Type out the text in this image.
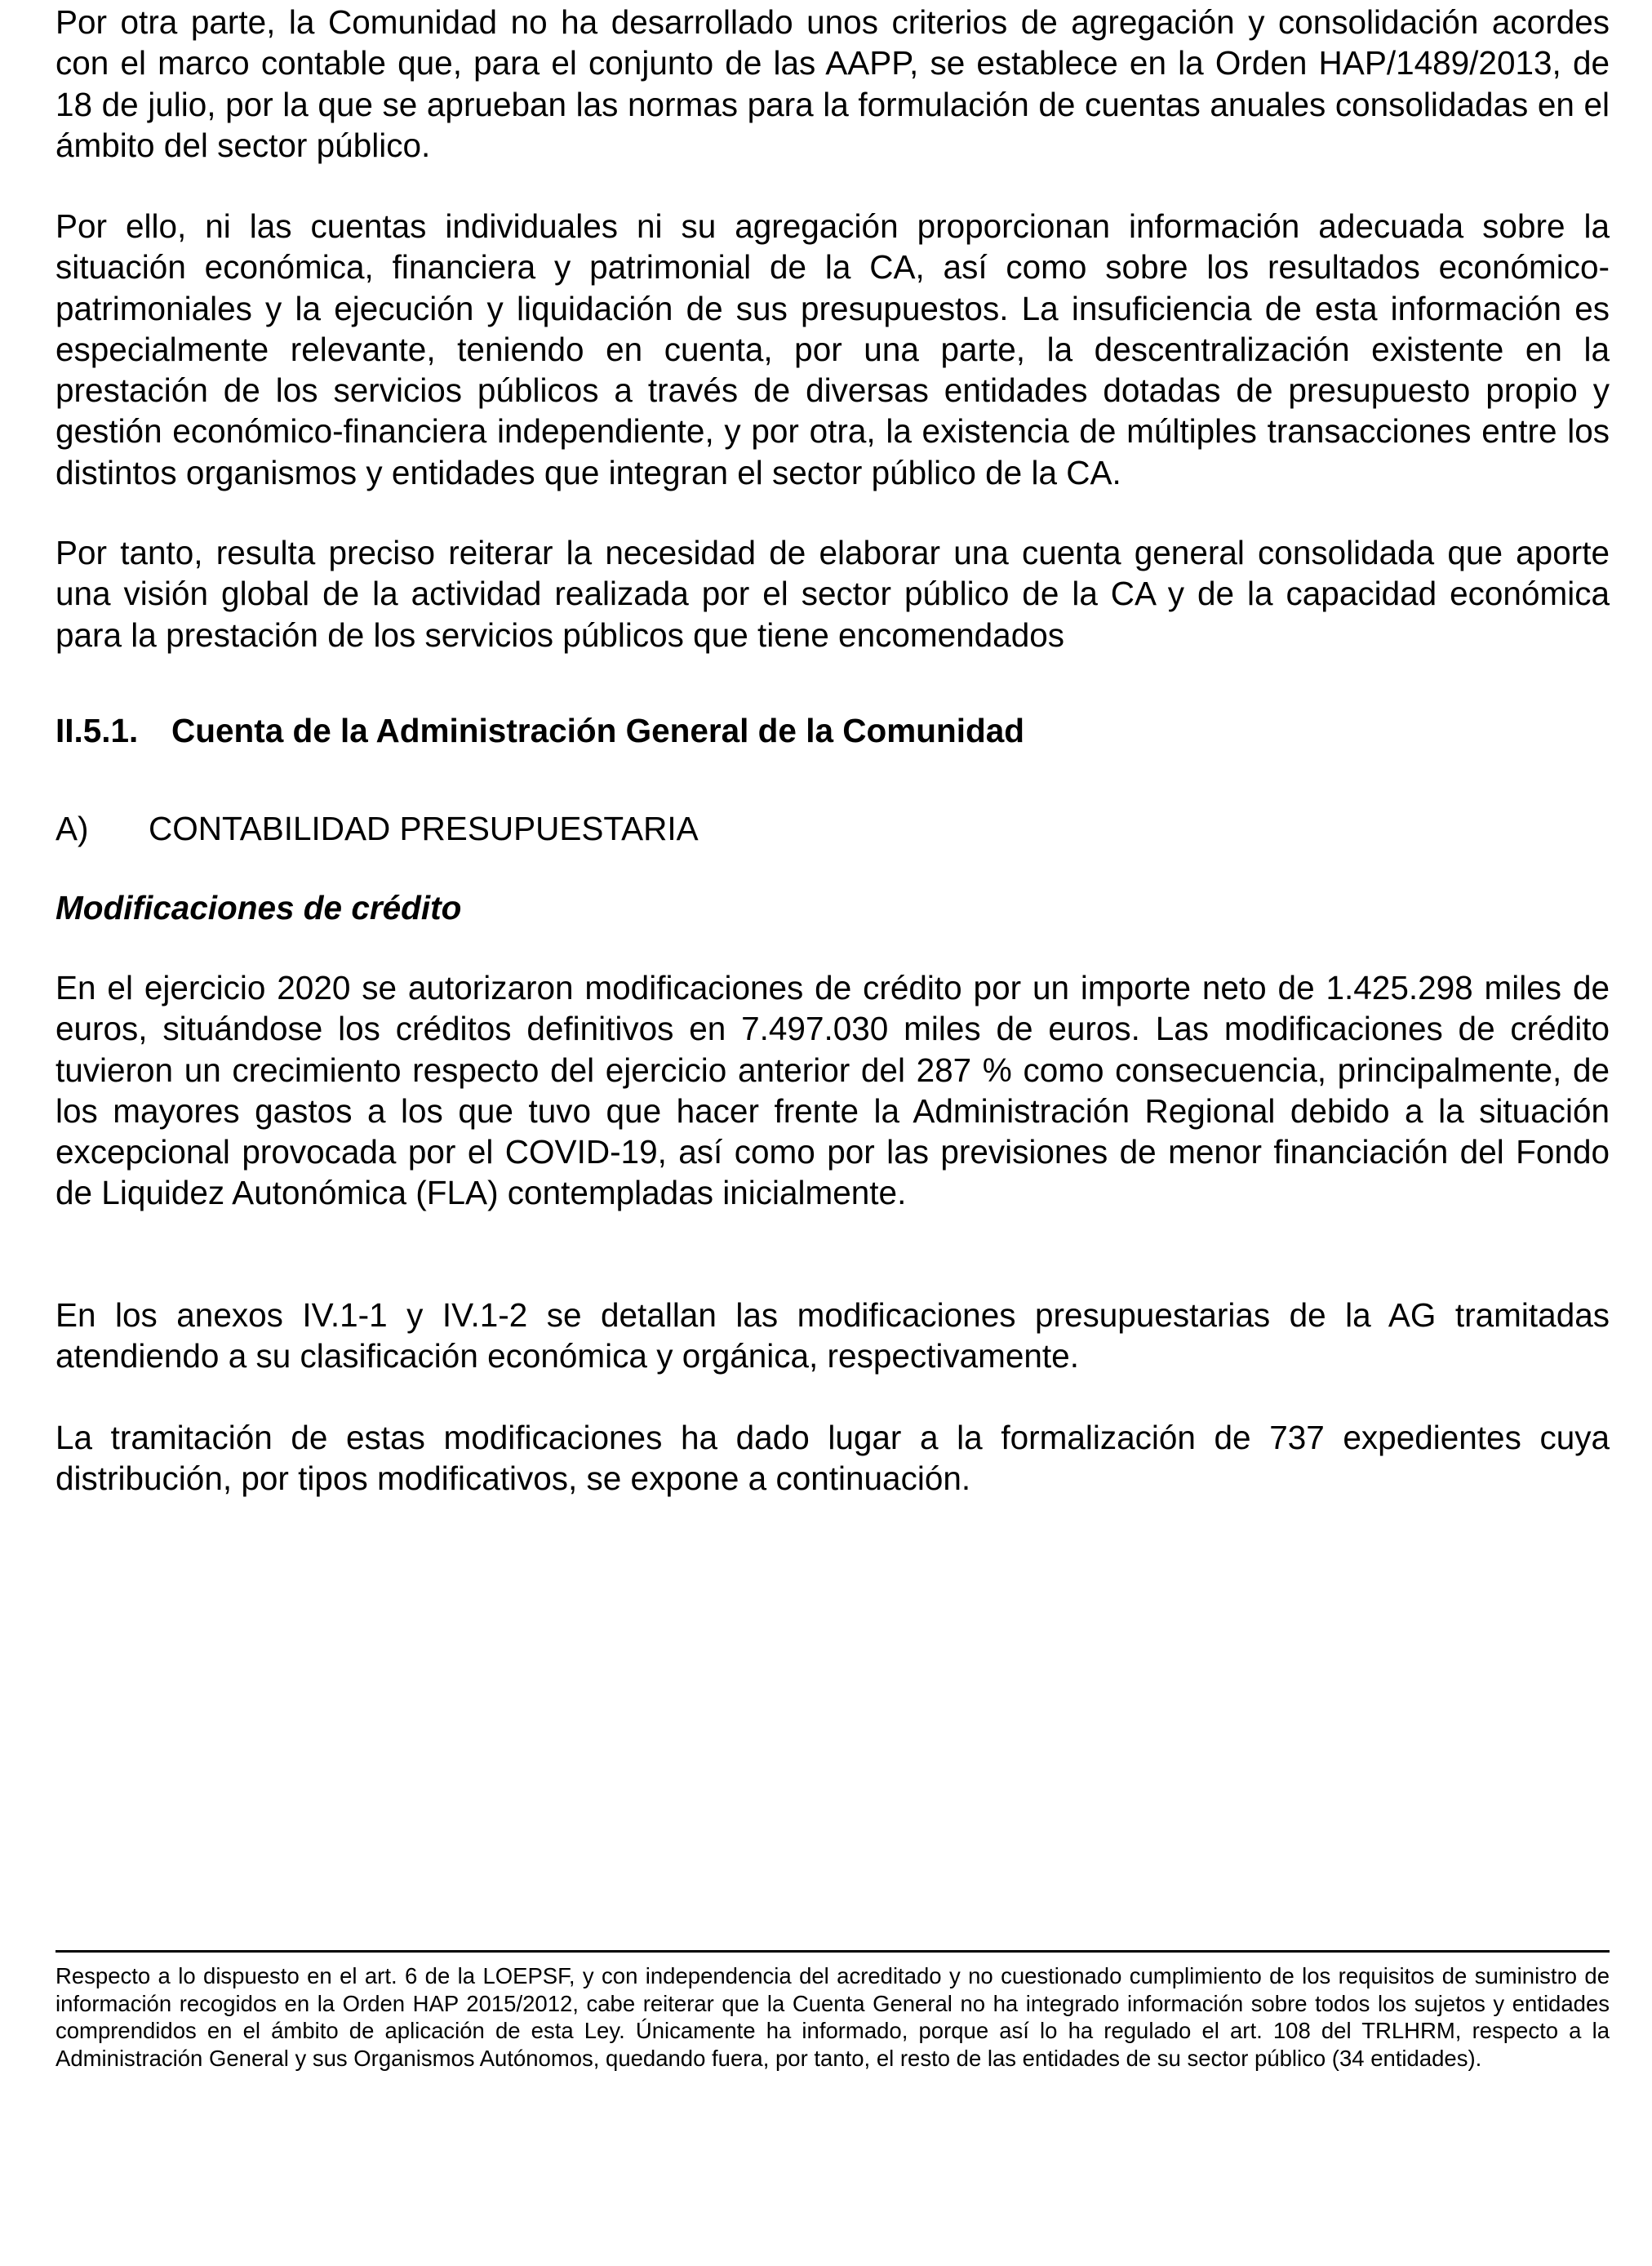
Por otra parte, la Comunidad no ha desarrollado unos criterios de agregación y consolidación acordes con el marco contable que, para el conjunto de las AAPP, se establece en la Orden HAP/1489/2013, de 18 de julio, por la que se aprueban las normas para la formulación de cuentas anuales consolidadas en el ámbito del sector público.

Por ello, ni las cuentas individuales ni su agregación proporcionan información adecuada sobre la situación económica, financiera y patrimonial de la CA, así como sobre los resultados económico-patrimoniales y la ejecución y liquidación de sus presupuestos. La insuficiencia de esta información es especialmente relevante, teniendo en cuenta, por una parte, la descentralización existente en la prestación de los servicios públicos a través de diversas entidades dotadas de presupuesto propio y gestión económico-financiera independiente, y por otra, la existencia de múltiples transacciones entre los distintos organismos y entidades que integran el sector público de la CA.

Por tanto, resulta preciso reiterar la necesidad de elaborar una cuenta general consolidada que aporte una visión global de la actividad realizada por el sector público de la CA y de la capacidad económica para la prestación de los servicios públicos que tiene encomendados

II.5.1. Cuenta de la Administración General de la Comunidad
A) CONTABILIDAD PRESUPUESTARIA
Modificaciones de crédito

En el ejercicio 2020 se autorizaron modificaciones de crédito por un importe neto de 1.425.298 miles de euros, situándose los créditos definitivos en 7.497.030 miles de euros. Las modificaciones de crédito tuvieron un crecimiento respecto del ejercicio anterior del 287 % como consecuencia, principalmente, de los mayores gastos a los que tuvo que hacer frente la Administración Regional debido a la situación excepcional provocada por el COVID-19, así como por las previsiones de menor financiación del Fondo de Liquidez Autonómica (FLA) contempladas inicialmente.

En los anexos IV.1-1 y IV.1-2 se detallan las modificaciones presupuestarias de la AG tramitadas atendiendo a su clasificación económica y orgánica, respectivamente.

La tramitación de estas modificaciones ha dado lugar a la formalización de 737 expedientes cuya distribución, por tipos modificativos, se expone a continuación.

Respecto a lo dispuesto en el art. 6 de la LOEPSF, y con independencia del acreditado y no cuestionado cumplimiento de los requisitos de suministro de información recogidos en la Orden HAP 2015/2012, cabe reiterar que la Cuenta General no ha integrado información sobre todos los sujetos y entidades comprendidos en el ámbito de aplicación de esta Ley. Únicamente ha informado, porque así lo ha regulado el art. 108 del TRLHRM, respecto a la Administración General y sus Organismos Autónomos, quedando fuera, por tanto, el resto de las entidades de su sector público (34 entidades).
